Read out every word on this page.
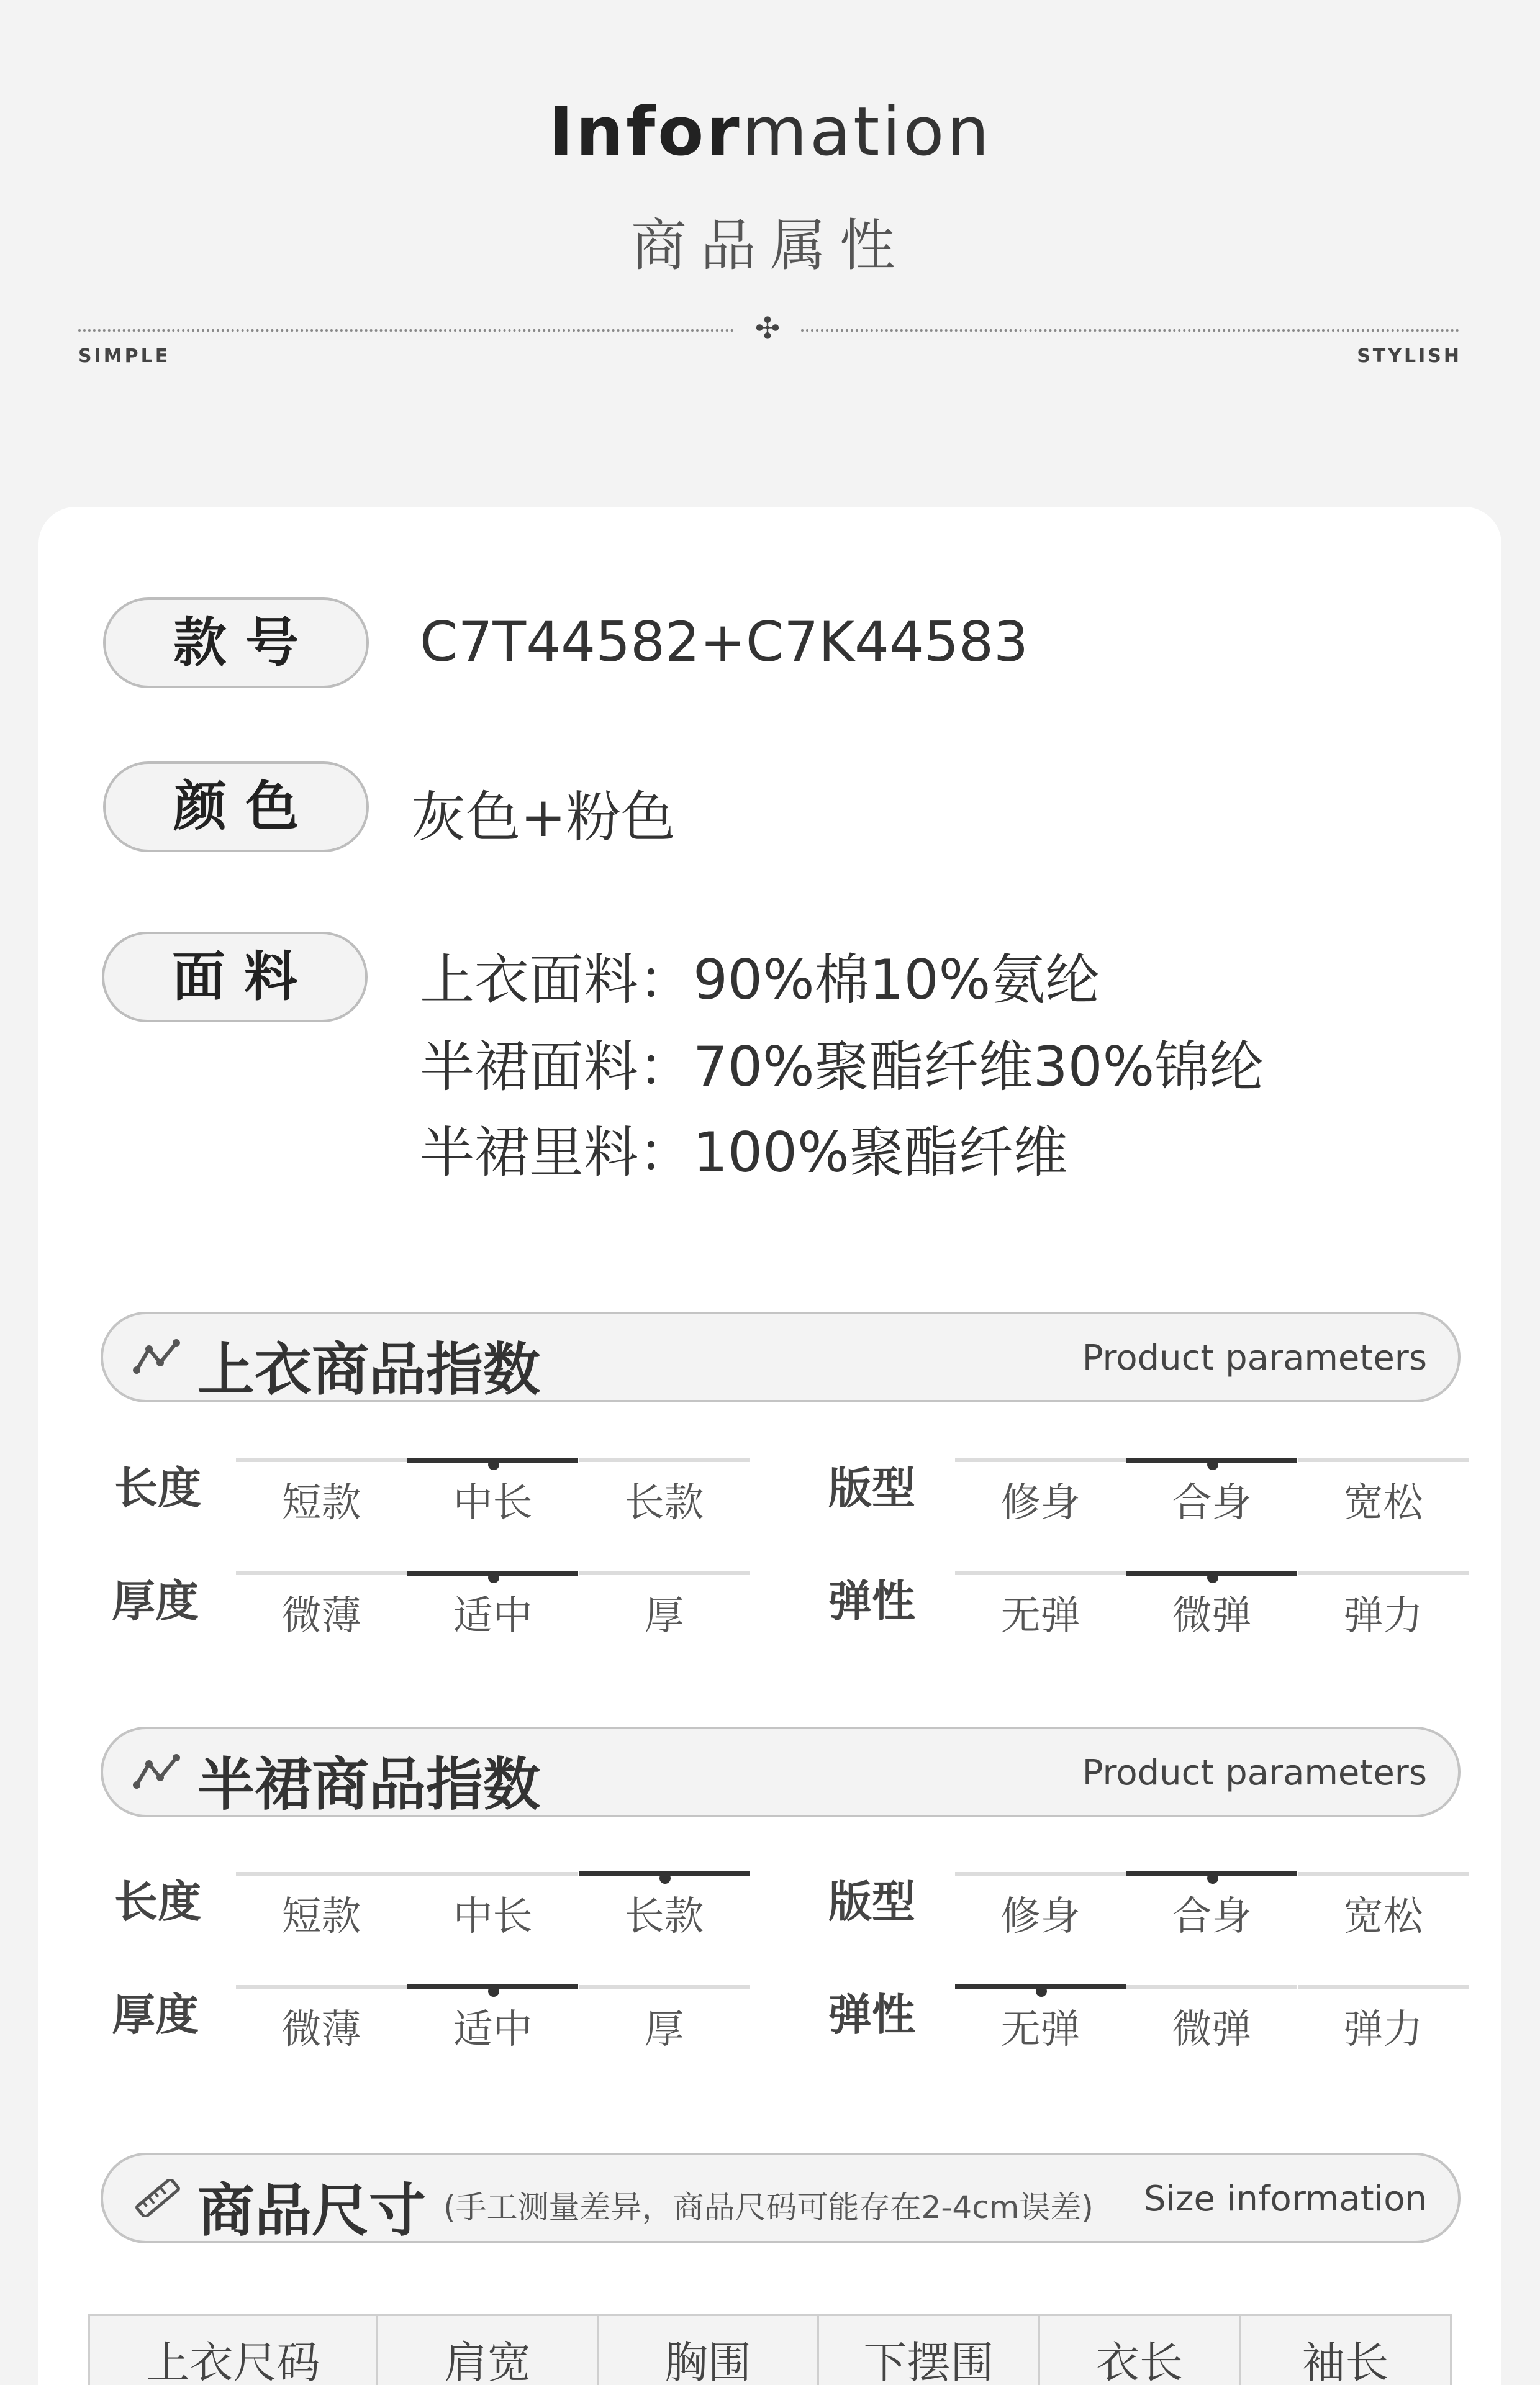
Information
商品属性
✣
SIMPLE	STYLISH
款号	C7T44582+C7K44583
颜色	灰色+粉色
面料	上衣面料：90%棉10%氨纶
半裙面料：70%聚酯纤维30%锦纶
半裙里料：100%聚酯纤维
上衣商品指数	Product parameters
长度	短款	中长	长款	版型	修身	合身	宽松
厚度	微薄	适中	厚	弹性	无弹	微弹	弹力
半裙商品指数	Product parameters
长度	短款	中长	长款	版型	修身	合身	宽松
厚度	微薄	适中	厚	弹性	无弹	微弹	弹力
商品尺寸 (手工测量差异，商品尺码可能存在2-4cm误差) Size information
上衣尺码	肩宽	胸围	下摆围	衣长	袖长
